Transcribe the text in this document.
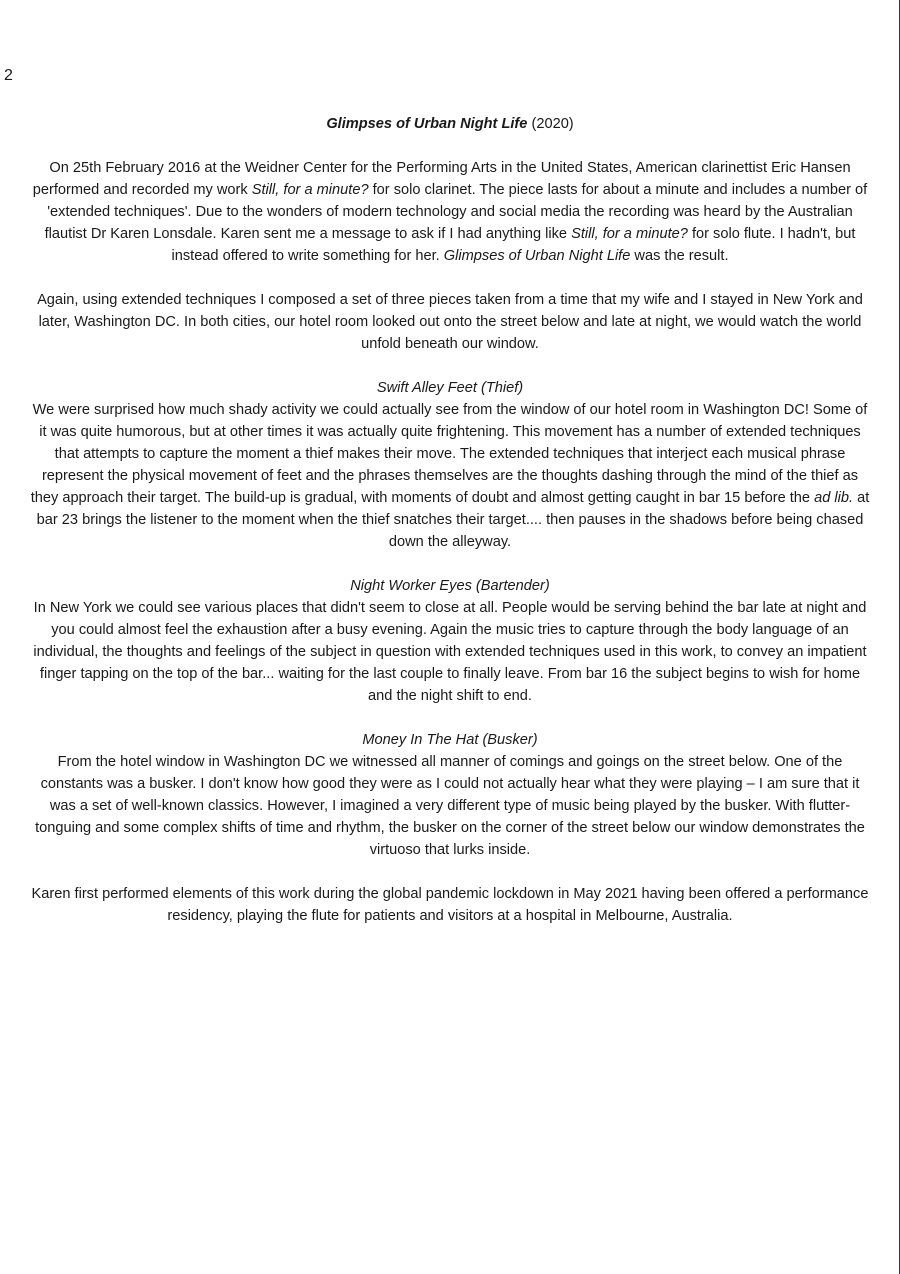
2
Glimpses of Urban Night Life (2020)

On 25th February 2016 at the Weidner Center for the Performing Arts in the United States, American clarinettist Eric Hansen performed and recorded my work Still, for a minute? for solo clarinet. The piece lasts for about a minute and includes a number of 'extended techniques'. Due to the wonders of modern technology and social media the recording was heard by the Australian flautist Dr Karen Lonsdale. Karen sent me a message to ask if I had anything like Still, for a minute? for solo flute. I hadn't, but instead offered to write something for her. Glimpses of Urban Night Life was the result.

Again, using extended techniques I composed a set of three pieces taken from a time that my wife and I stayed in New York and later, Washington DC. In both cities, our hotel room looked out onto the street below and late at night, we would watch the world unfold beneath our window.

Swift Alley Feet (Thief)
We were surprised how much shady activity we could actually see from the window of our hotel room in Washington DC! Some of it was quite humorous, but at other times it was actually quite frightening. This movement has a number of extended techniques that attempts to capture the moment a thief makes their move. The extended techniques that interject each musical phrase represent the physical movement of feet and the phrases themselves are the thoughts dashing through the mind of the thief as they approach their target. The build-up is gradual, with moments of doubt and almost getting caught in bar 15 before the ad lib. at bar 23 brings the listener to the moment when the thief snatches their target.... then pauses in the shadows before being chased down the alleyway.

Night Worker Eyes (Bartender)
In New York we could see various places that didn't seem to close at all. People would be serving behind the bar late at night and you could almost feel the exhaustion after a busy evening. Again the music tries to capture through the body language of an individual, the thoughts and feelings of the subject in question with extended techniques used in this work, to convey an impatient finger tapping on the top of the bar... waiting for the last couple to finally leave. From bar 16 the subject begins to wish for home and the night shift to end.

Money In The Hat (Busker)
From the hotel window in Washington DC we witnessed all manner of comings and goings on the street below. One of the constants was a busker. I don't know how good they were as I could not actually hear what they were playing – I am sure that it was a set of well-known classics. However, I imagined a very different type of music being played by the busker. With flutter-tonguing and some complex shifts of time and rhythm, the busker on the corner of the street below our window demonstrates the virtuoso that lurks inside.

Karen first performed elements of this work during the global pandemic lockdown in May 2021 having been offered a performance residency, playing the flute for patients and visitors at a hospital in Melbourne, Australia.
